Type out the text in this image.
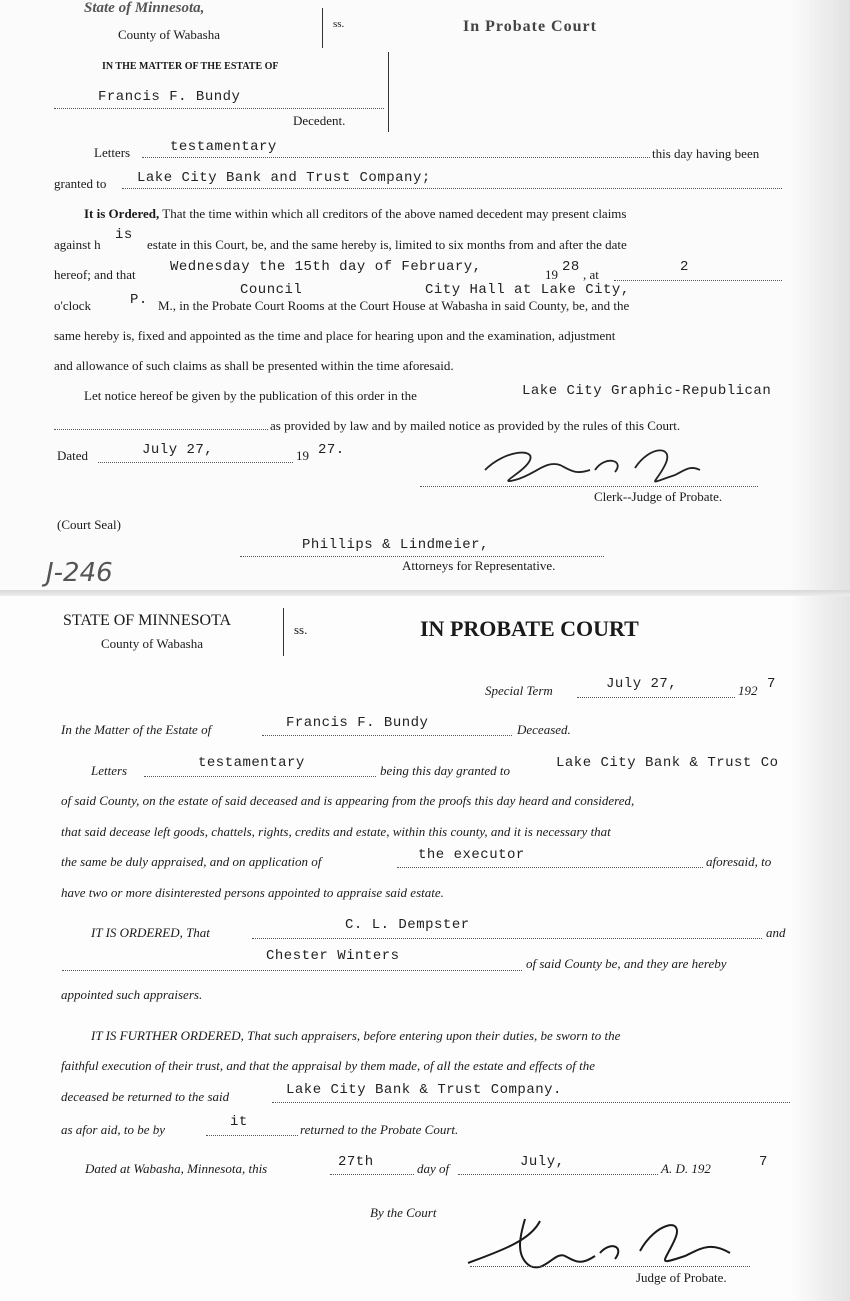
State of Minnesota,
County of Wabasha
ss.	In Probate Court
IN THE MATTER OF THE ESTATE OF
Francis F. Bundy
Decedent.
Letters	testamentary	this day having been
granted to Lake City Bank and Trust Company;
It is Ordered, That the time within which all creditors of the above named decedent may present claims
against h
is
estate in this Court, be, and the same hereby is, limited to six months from and after the date
hereof; and that Wednesday the 15th day of February,	19 28 , at	2
Council	City Hall at Lake City,
o'clock	P. M., in the Probate Court Rooms at the Court House at Wabasha in said County, be, and the
same hereby is, fixed and appointed as the time and place for hearing upon and the examination, adjustment
and allowance of such claims as shall be presented within the time aforesaid.
Let notice hereof be given by the publication of this order in the	Lake City Graphic-Republican
as provided by law and by mailed notice as provided by the rules of this Court.
Dated	July 27,	19 27.
Clerk--Judge of Probate.
(Court Seal)
Phillips & Lindmeier,
Attorneys for Representative.
J-246
STATE OF MINNESOTA
County of Wabasha
ss.	IN PROBATE COURT
Special Term	July 27,	192 7
In the Matter of the Estate of	Francis F. Bundy	Deceased.
Letters	testamentary	being this day granted to	Lake City Bank & Trust Co
of said County, on the estate of said deceased and is appearing from the proofs this day heard and considered,
that said decease left goods, chattels, rights, credits and estate, within this county, and it is necessary that
the same be duly appraised, and on application of	the executor	aforesaid, to
have two or more disinterested persons appointed to appraise said estate.
IT IS ORDERED, That	C. L. Dempster	and
Chester Winters	of said County be, and they are hereby
appointed such appraisers.
IT IS FURTHER ORDERED, That such appraisers, before entering upon their duties, be sworn to the
faithful execution of their trust, and that the appraisal by them made, of all the estate and effects of the
deceased be returned to the said	Lake City Bank & Trust Company.
as afor aid, to be by	it	returned to the Probate Court.
Dated at Wabasha, Minnesota, this	27th	day of	July,	A. D. 192	7
By the Court
Judge of Probate.
